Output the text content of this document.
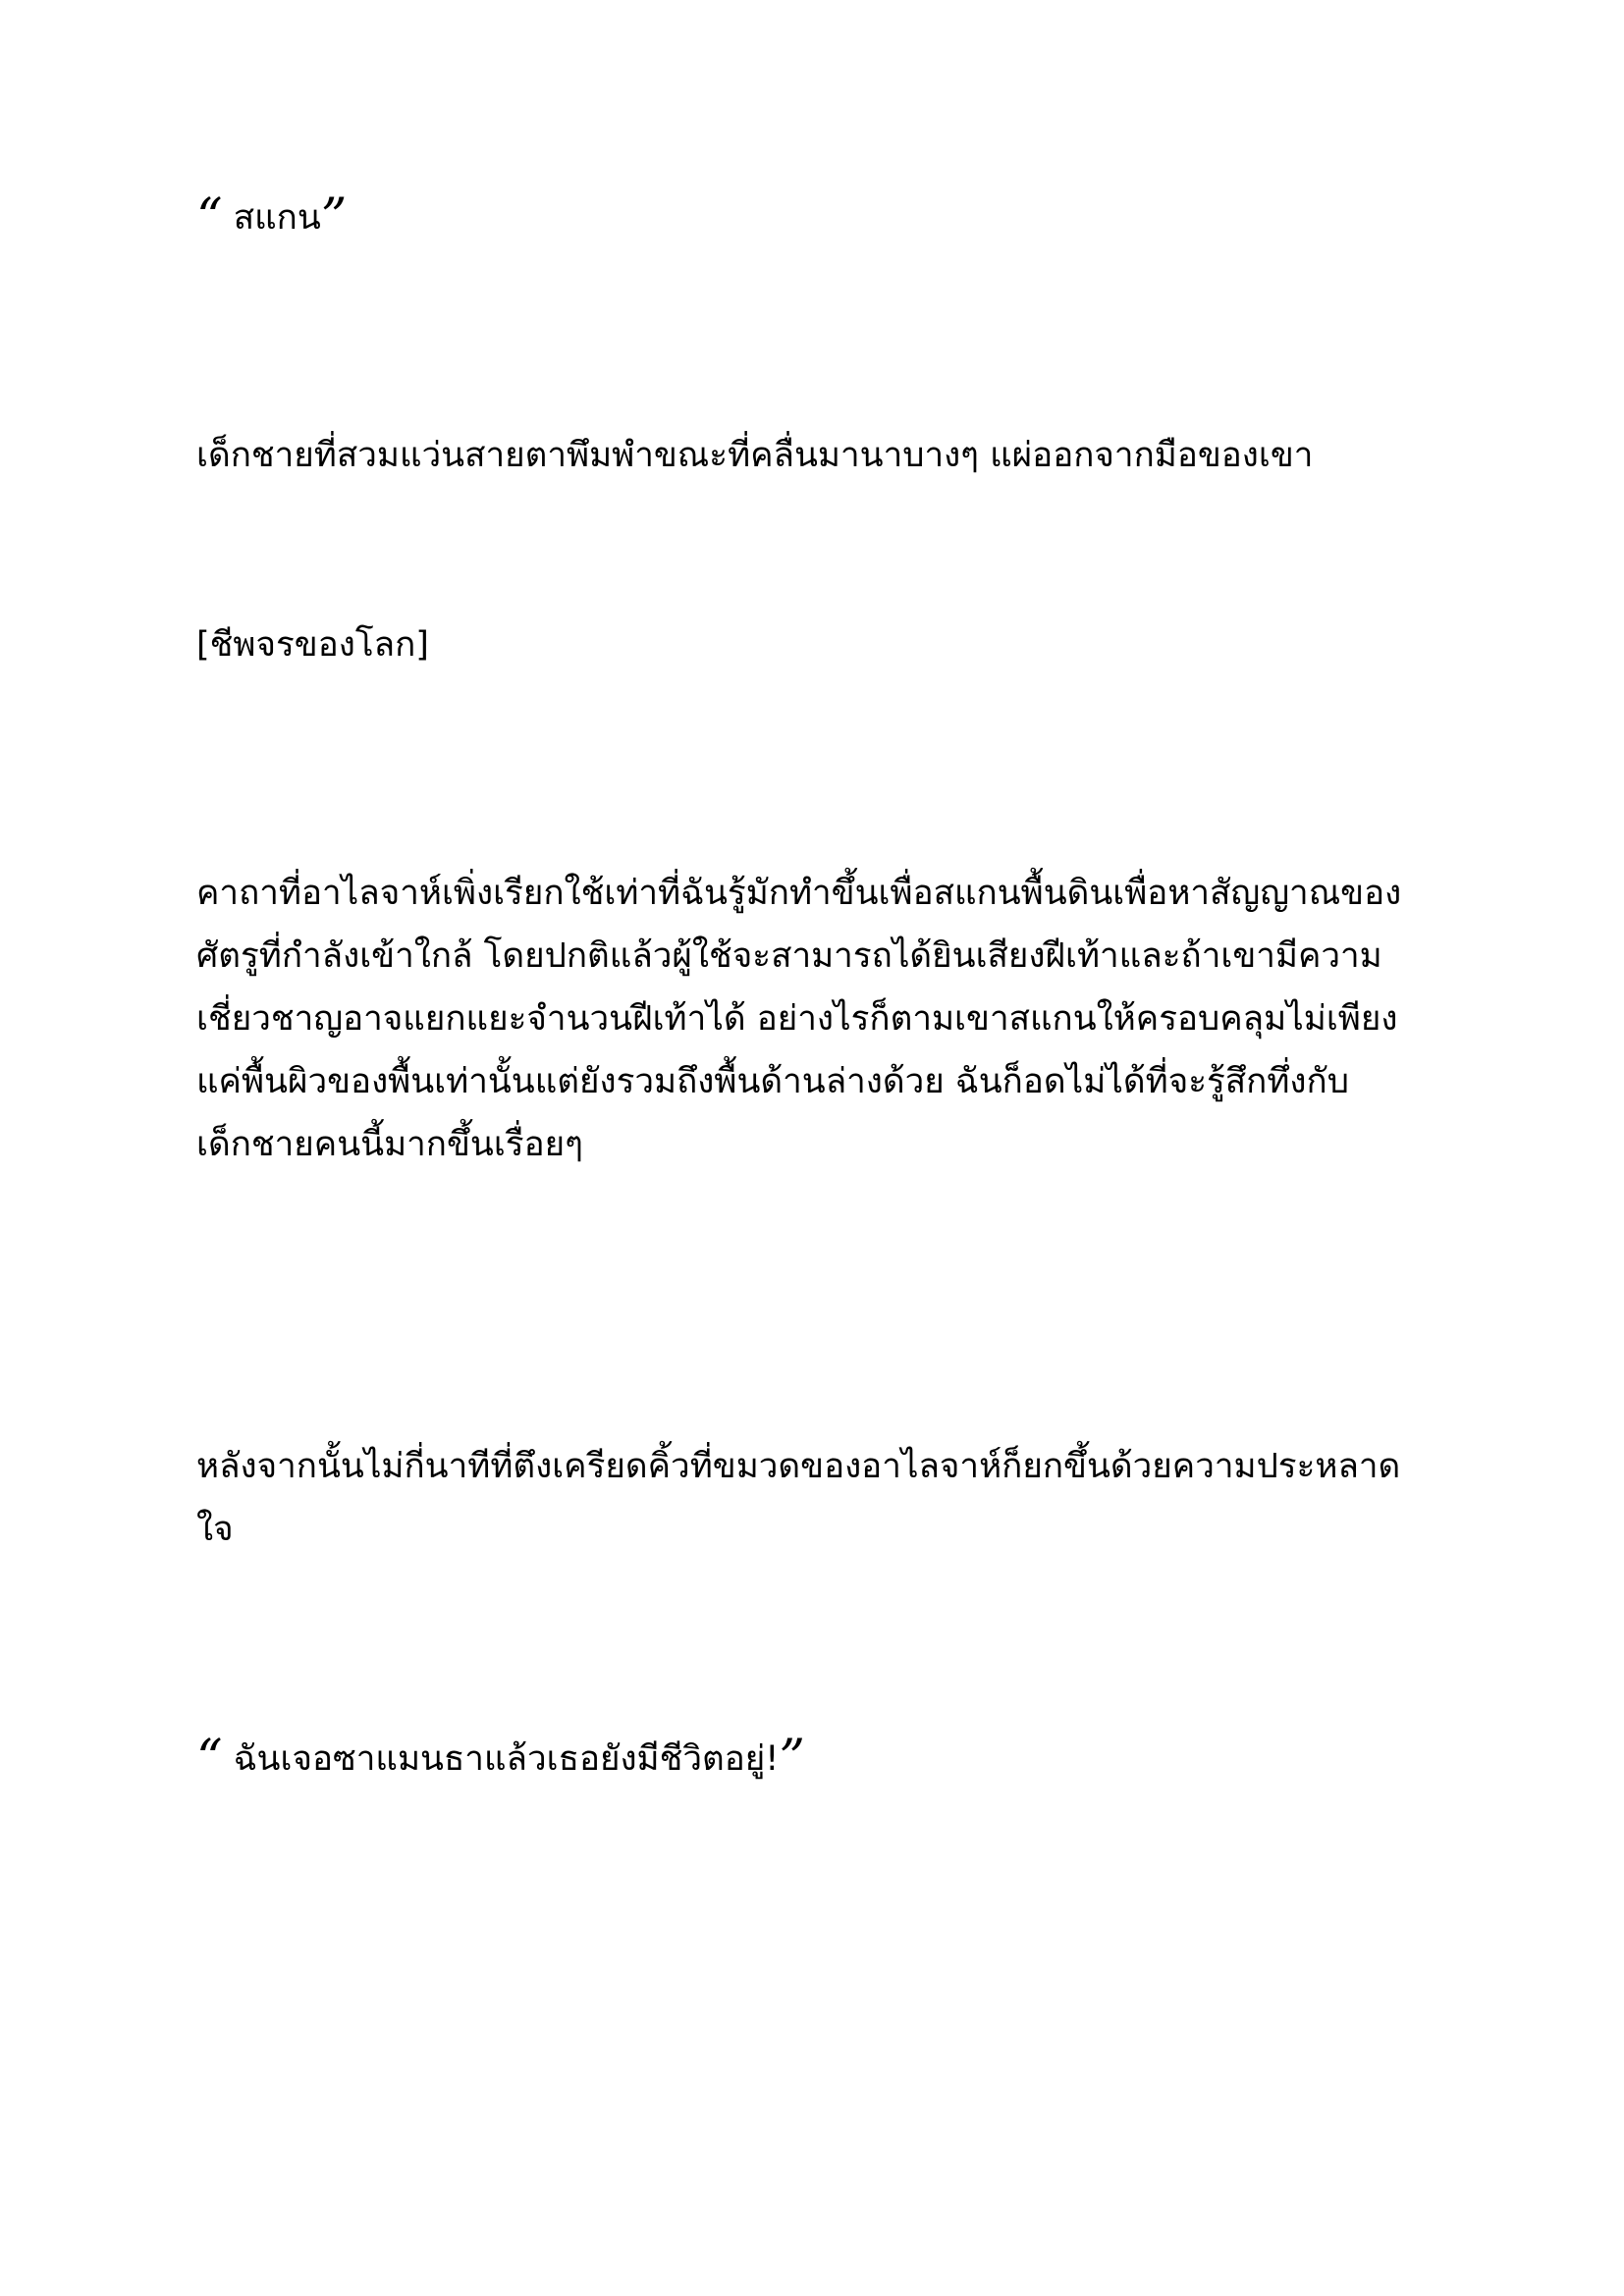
“ สแกน”

เด็กชายที่สวมแว่นสายตาพึมพำขณะที่คลื่นมานาบางๆ แผ่ออกจากมือของเขา

[ชีพจรของโลก]

คาถาที่อาไลจาห์เพิ่งเรียกใช้เท่าที่ฉันรู้มักทำขึ้นเพื่อสแกนพื้นดินเพื่อหาสัญญาณของ
ศัตรูที่กำลังเข้าใกล้ โดยปกติแล้วผู้ใช้จะสามารถได้ยินเสียงฝีเท้าและถ้าเขามีความ
เชี่ยวชาญอาจแยกแยะจำนวนฝีเท้าได้ อย่างไรก็ตามเขาสแกนให้ครอบคลุมไม่เพียง
แค่พื้นผิวของพื้นเท่านั้นแต่ยังรวมถึงพื้นด้านล่างด้วย ฉันก็อดไม่ได้ที่จะรู้สึกทึ่งกับ
เด็กชายคนนี้มากขึ้นเรื่อยๆ

หลังจากนั้นไม่กี่นาทีที่ตึงเครียดคิ้วที่ขมวดของอาไลจาห์ก็ยกขึ้นด้วยความประหลาด
ใจ

“ ฉันเจอซาแมนธาแล้วเธอยังมีชีวิตอยู่!”
